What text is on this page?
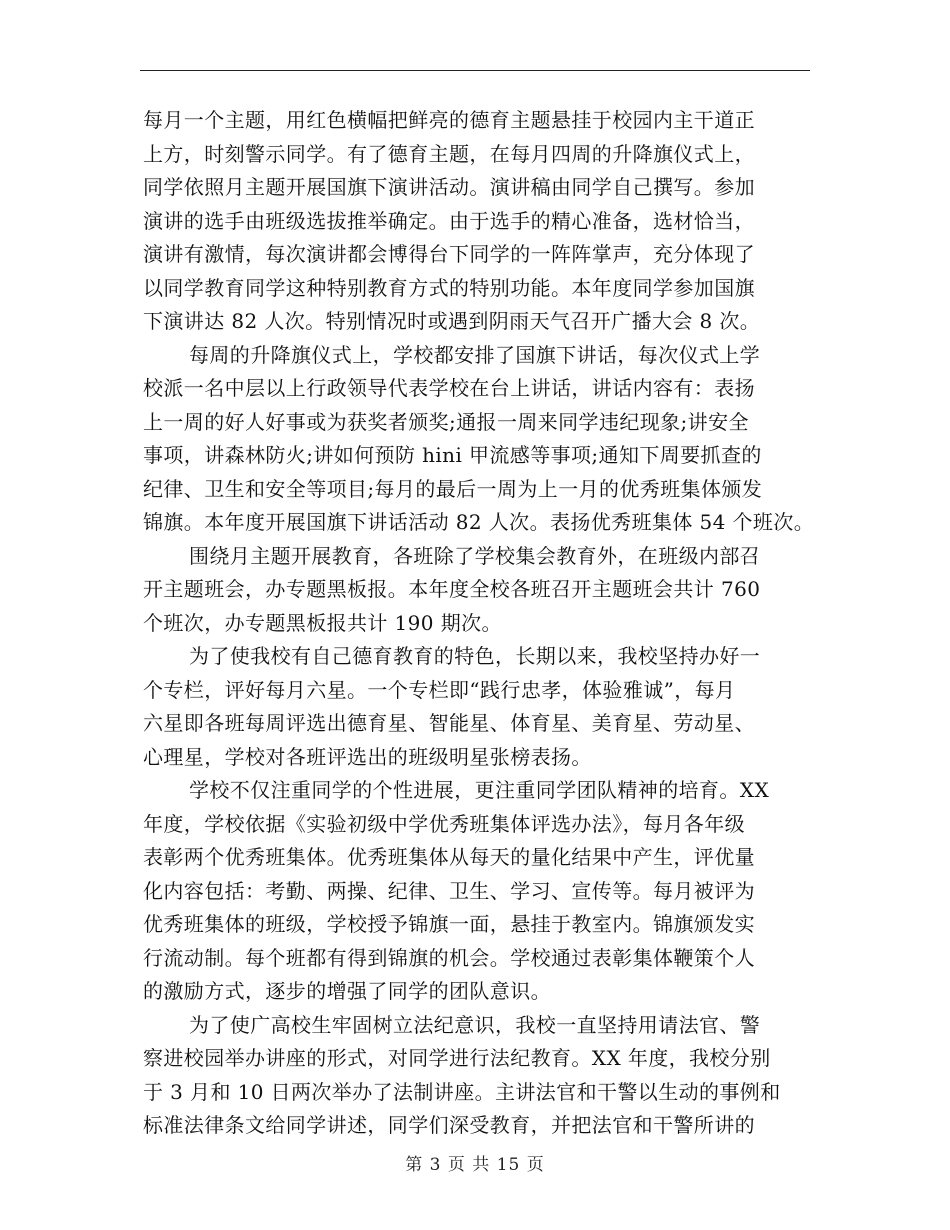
每月一个主题，用红色横幅把鲜亮的德育主题悬挂于校园内主干道正
上方，时刻警示同学。有了德育主题，在每月四周的升降旗仪式上，
同学依照月主题开展国旗下演讲活动。演讲稿由同学自己撰写。参加
演讲的选手由班级选拔推举确定。由于选手的精心准备，选材恰当，
演讲有激情，每次演讲都会博得台下同学的一阵阵掌声，充分体现了
以同学教育同学这种特别教育方式的特别功能。本年度同学参加国旗
下演讲达 82 人次。特别情况时或遇到阴雨天气召开广播大会 8 次。
每周的升降旗仪式上，学校都安排了国旗下讲话，每次仪式上学
校派一名中层以上行政领导代表学校在台上讲话，讲话内容有：表扬
上一周的好人好事或为获奖者颁奖;通报一周来同学违纪现象;讲安全
事项，讲森林防火;讲如何预防 hini 甲流感等事项;通知下周要抓查的
纪律、卫生和安全等项目;每月的最后一周为上一月的优秀班集体颁发
锦旗。本年度开展国旗下讲话活动 82 人次。表扬优秀班集体 54 个班次。
围绕月主题开展教育，各班除了学校集会教育外，在班级内部召
开主题班会，办专题黑板报。本年度全校各班召开主题班会共计 760
个班次，办专题黑板报共计 190 期次。
为了使我校有自己德育教育的特色，长期以来，我校坚持办好一
个专栏，评好每月六星。一个专栏即“践行忠孝，体验雅诚”，每月
六星即各班每周评选出德育星、智能星、体育星、美育星、劳动星、
心理星，学校对各班评选出的班级明星张榜表扬。
学校不仅注重同学的个性进展，更注重同学团队精神的培育。XX
年度，学校依据《实验初级中学优秀班集体评选办法》，每月各年级
表彰两个优秀班集体。优秀班集体从每天的量化结果中产生，评优量
化内容包括：考勤、两操、纪律、卫生、学习、宣传等。每月被评为
优秀班集体的班级，学校授予锦旗一面，悬挂于教室内。锦旗颁发实
行流动制。每个班都有得到锦旗的机会。学校通过表彰集体鞭策个人
的激励方式，逐步的增强了同学的团队意识。
为了使广高校生牢固树立法纪意识，我校一直坚持用请法官、警
察进校园举办讲座的形式，对同学进行法纪教育。XX 年度，我校分别
于 3 月和 10 日两次举办了法制讲座。主讲法官和干警以生动的事例和
标准法律条文给同学讲述，同学们深受教育，并把法官和干警所讲的
第 3 页 共 15 页
